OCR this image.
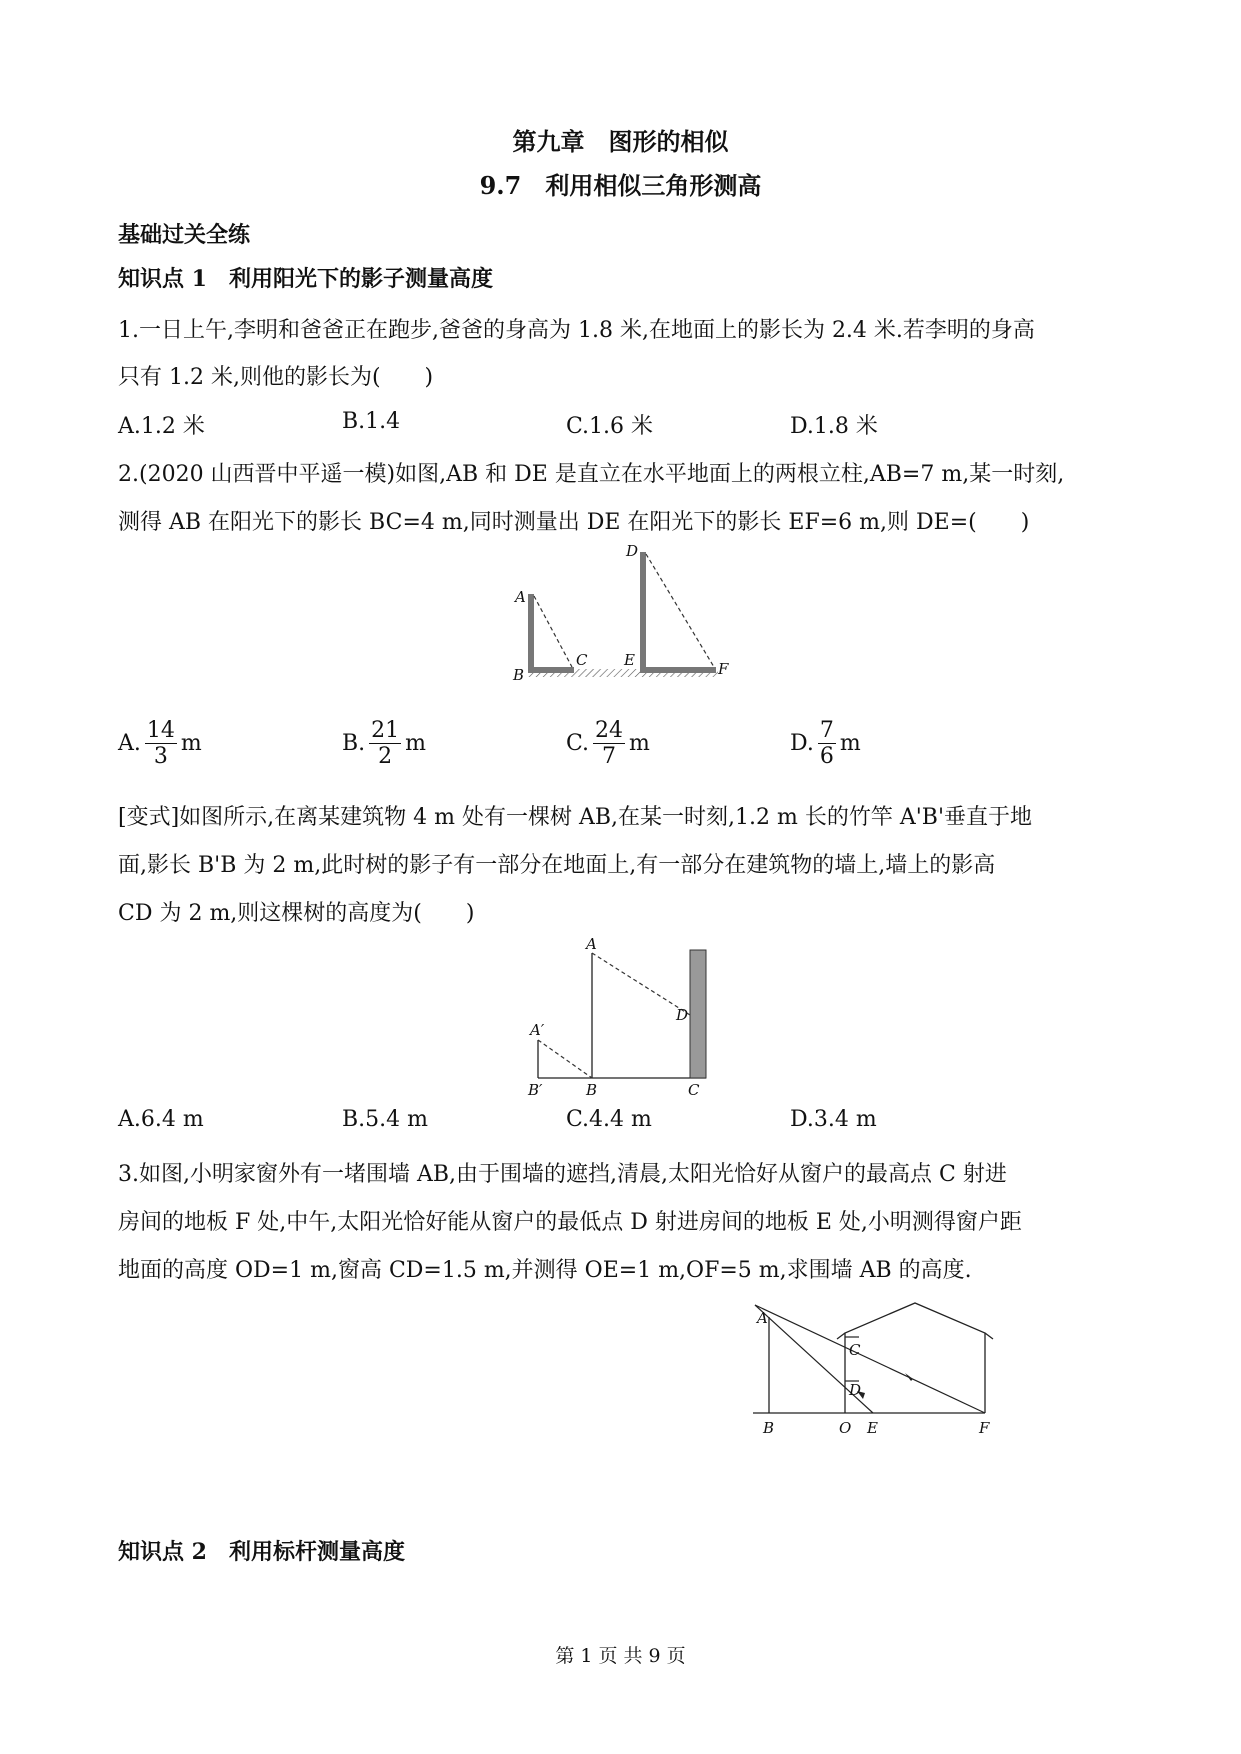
第九章　图形的相似
9.7　利用相似三角形测高
基础过关全练
知识点 1　利用阳光下的影子测量高度
1.一日上午,李明和爸爸正在跑步,爸爸的身高为 1.8 米,在地面上的影长为 2.4 米.若李明的身高
只有 1.2 米,则他的影长为(　　)
A.1.2 米	B.1.4	C.1.6 米	D.1.8 米
2.(2020 山西晋中平遥一模)如图,AB 和 DE 是直立在水平地面上的两根立柱,AB=7 m,某一时刻,
测得 AB 在阳光下的影长 BC=4 m,同时测量出 DE 在阳光下的影长 EF=6 m,则 DE=(　　)
A
B
C
D
E	F
A. $\frac{14}{3}$ m	B. $\frac{21}{2}$ m	C. $\frac{24}{7}$ m	D. $\frac{7}{6}$ m
[变式]如图所示,在离某建筑物 4 m 处有一棵树 AB,在某一时刻,1.2 m 长的竹竿 A'B'垂直于地
面,影长 B'B 为 2 m,此时树的影子有一部分在地面上,有一部分在建筑物的墙上,墙上的影高
CD 为 2 m,则这棵树的高度为(　　)
A
A′
B′	B	C
D
A.6.4 m	B.5.4 m	C.4.4 m	D.3.4 m
3.如图,小明家窗外有一堵围墙 AB,由于围墙的遮挡,清晨,太阳光恰好从窗户的最高点 C 射进
房间的地板 F 处,中午,太阳光恰好能从窗户的最低点 D 射进房间的地板 E 处,小明测得窗户距
地面的高度 OD=1 m,窗高 CD=1.5 m,并测得 OE=1 m,OF=5 m,求围墙 AB 的高度.
A
C
D
B	O E	F
知识点 2　利用标杆测量高度
第 1 页 共 9 页
